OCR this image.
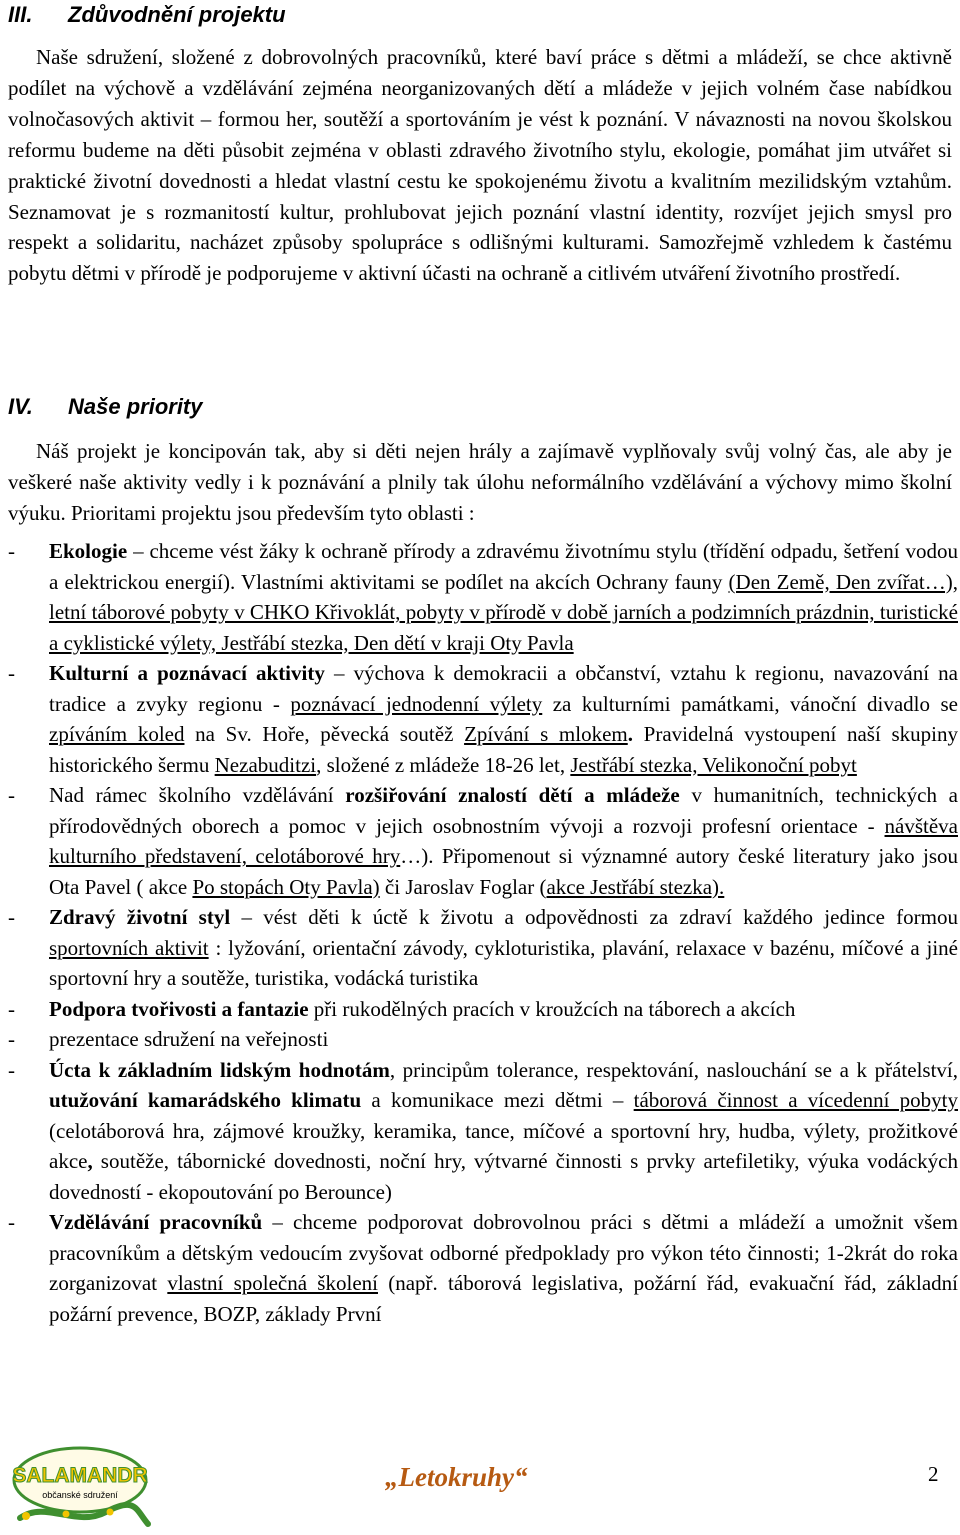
III. Zdůvodnění projektu

Naše sdružení, složené z dobrovolných pracovníků, které baví práce s dětmi a mládeží, se chce aktivně podílet na výchově a vzdělávání zejména neorganizovaných dětí a mládeže v jejich volném čase nabídkou volnočasových aktivit – formou her, soutěží a sportováním je vést k poznání. V návaznosti na novou školskou reformu budeme na děti působit zejména v oblasti zdravého životního stylu, ekologie, pomáhat jim utvářet si praktické životní dovednosti a hledat vlastní cestu ke spokojenému životu a kvalitním mezilidským vztahům. Seznamovat je s rozmanitostí kultur, prohlubovat jejich poznání vlastní identity, rozvíjet jejich smysl pro respekt a solidaritu, nacházet způsoby spolupráce s odlišnými kulturami. Samozřejmě vzhledem k častému pobytu dětmi v přírodě je podporujeme v aktivní účasti na ochraně a citlivém utváření životního prostředí.

IV. Naše priority

Náš projekt je koncipován tak, aby si děti nejen hrály a zajímavě vyplňovaly svůj volný čas, ale aby je veškeré naše aktivity vedly i k poznávání a plnily tak úlohu neformálního vzdělávání a výchovy mimo školní výuku. Prioritami projektu jsou především tyto oblasti :

- Ekologie – chceme vést žáky k ochraně přírody a zdravému životnímu stylu (třídění odpadu, šetření vodou a elektrickou energií). Vlastními aktivitami se podílet na akcích Ochrany fauny (Den Země, Den zvířat…), letní táborové pobyty v CHKO Křivoklát, pobyty v přírodě v době jarních a podzimních prázdnin, turistické a cyklistické výlety, Jestřábí stezka, Den dětí v kraji Oty Pavla
- Kulturní a poznávací aktivity – výchova k demokracii a občanství, vztahu k regionu, navazování na tradice a zvyky regionu - poznávací jednodenní výlety za kulturními památkami, vánoční divadlo se zpíváním koled na Sv. Hoře, pěvecká soutěž Zpívání s mlokem. Pravidelná vystoupení naší skupiny historického šermu Nezabuditzi, složené z mládeže 18-26 let, Jestřábí stezka, Velikonoční pobyt
- Nad rámec školního vzdělávání rozšiřování znalostí dětí a mládeže v humanitních, technických a přírodovědných oborech a pomoc v jejich osobnostním vývoji a rozvoji profesní orientace - návštěva kulturního představení, celotáborové hry…). Připomenout si významné autory české literatury jako jsou Ota Pavel ( akce Po stopách Oty Pavla) či Jaroslav Foglar (akce Jestřábí stezka).
- Zdravý životní styl – vést děti k úctě k životu a odpovědnosti za zdraví každého jedince formou sportovních aktivit : lyžování, orientační závody, cykloturistika, plavání, relaxace v bazénu, míčové a jiné sportovní hry a soutěže, turistika, vodácká turistika
- Podpora tvořivosti a fantazie při rukodělných pracích v kroužcích na táborech a akcích
- prezentace sdružení na veřejnosti
- Úcta k základním lidským hodnotám, principům tolerance, respektování, naslouchání se a k přátelství, utužování kamarádského klimatu a komunikace mezi dětmi – táborová činnost a vícedenní pobyty (celotáborová hra, zájmové kroužky, keramika, tance, míčové a sportovní hry, hudba, výlety, prožitkové akce, soutěže, tábornické dovednosti, noční hry, výtvarné činnosti s prvky artefiletiky, výuka vodáckých dovedností - ekopoutování po Berounce)
- Vzdělávání pracovníků – chceme podporovat dobrovolnou práci s dětmi a mládeží a umožnit všem pracovníkům a dětským vedoucím zvyšovat odborné předpoklady pro výkon této činnosti; 1-2krát do roka zorganizovat vlastní společná školení (např. táborová legislativa, požární řád, evakuační řád, základní požární prevence, BOZP, základy První
SALAMANDR
občanské sdružení
„Letokruhy“	2
